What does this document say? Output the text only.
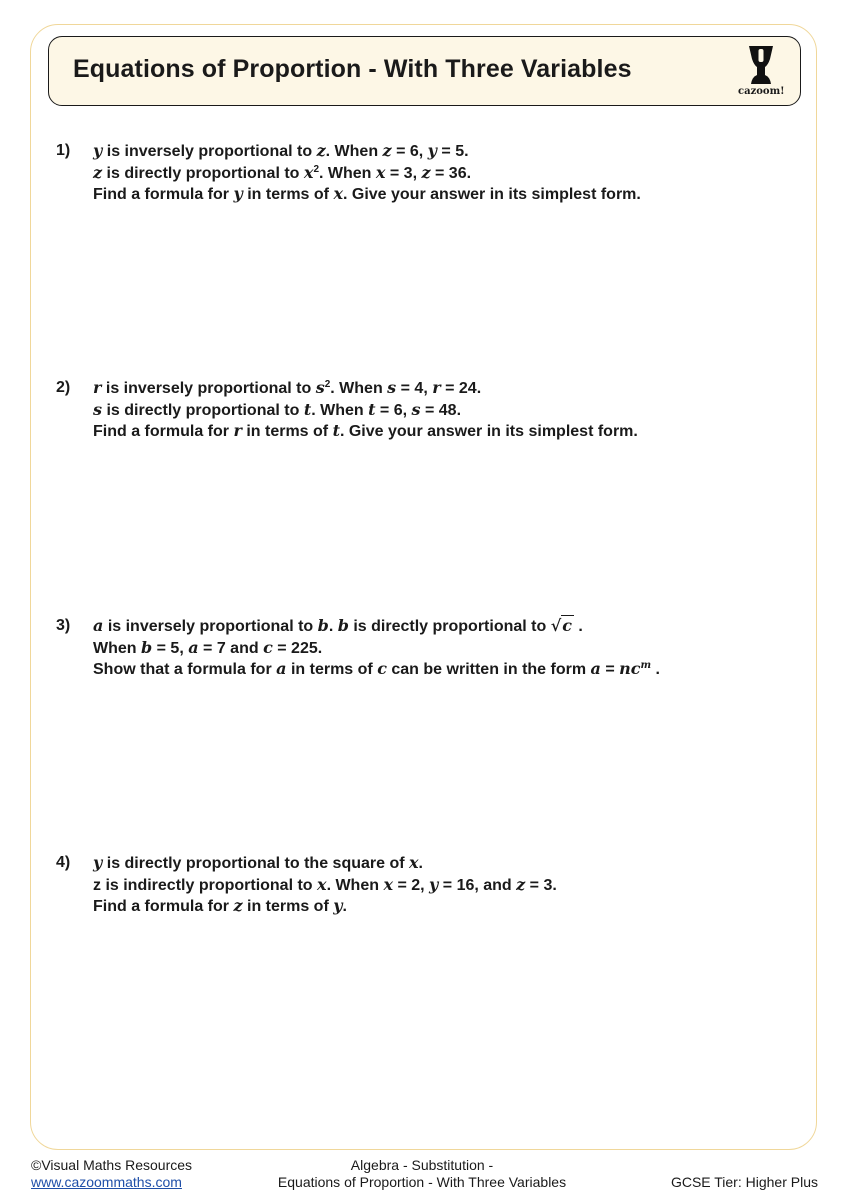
Equations of Proportion - With Three Variables
cazoom!
1) y is inversely proportional to z. When z = 6, y = 5.
z is directly proportional to $x^2$. When x = 3, z = 36.
Find a formula for y in terms of x. Give your answer in its simplest form.
2) r is inversely proportional to $s^2$. When s = 4, r = 24.
s is directly proportional to t. When t = 6, s = 48.
Find a formula for r in terms of t. Give your answer in its simplest form.
3) a is inversely proportional to b. b is directly proportional to √c .
When b = 5, a = 7 and c = 225.
Show that a formula for a in terms of c can be written in the form $a = nc^m$ .
4) y is directly proportional to the square of x.
z is indirectly proportional to x. When x = 2, y = 16, and z = 3.
Find a formula for z in terms of y.
©Visual Maths Resources
www.cazoommaths.com
Algebra - Substitution -
Equations of Proportion - With Three Variables	GCSE Tier: Higher Plus
